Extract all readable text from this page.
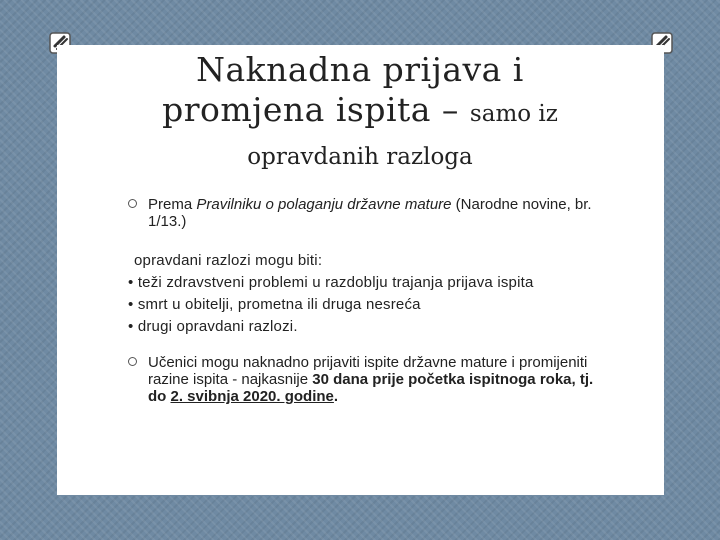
Naknadna prijava i
promjena ispita – samo iz
opravdanih razloga
Prema Pravilniku o polaganju državne mature (Narodne novine, br. 1/13.)
opravdani razlozi mogu biti:
• teži zdravstveni problemi u razdoblju trajanja prijava ispita
• smrt u obitelji, prometna ili druga nesreća
• drugi opravdani razlozi.
Učenici mogu naknadno prijaviti ispite državne mature i promijeniti razine ispita - najkasnije 30 dana prije početka ispitnoga roka, tj. do 2. svibnja 2020. godine.
